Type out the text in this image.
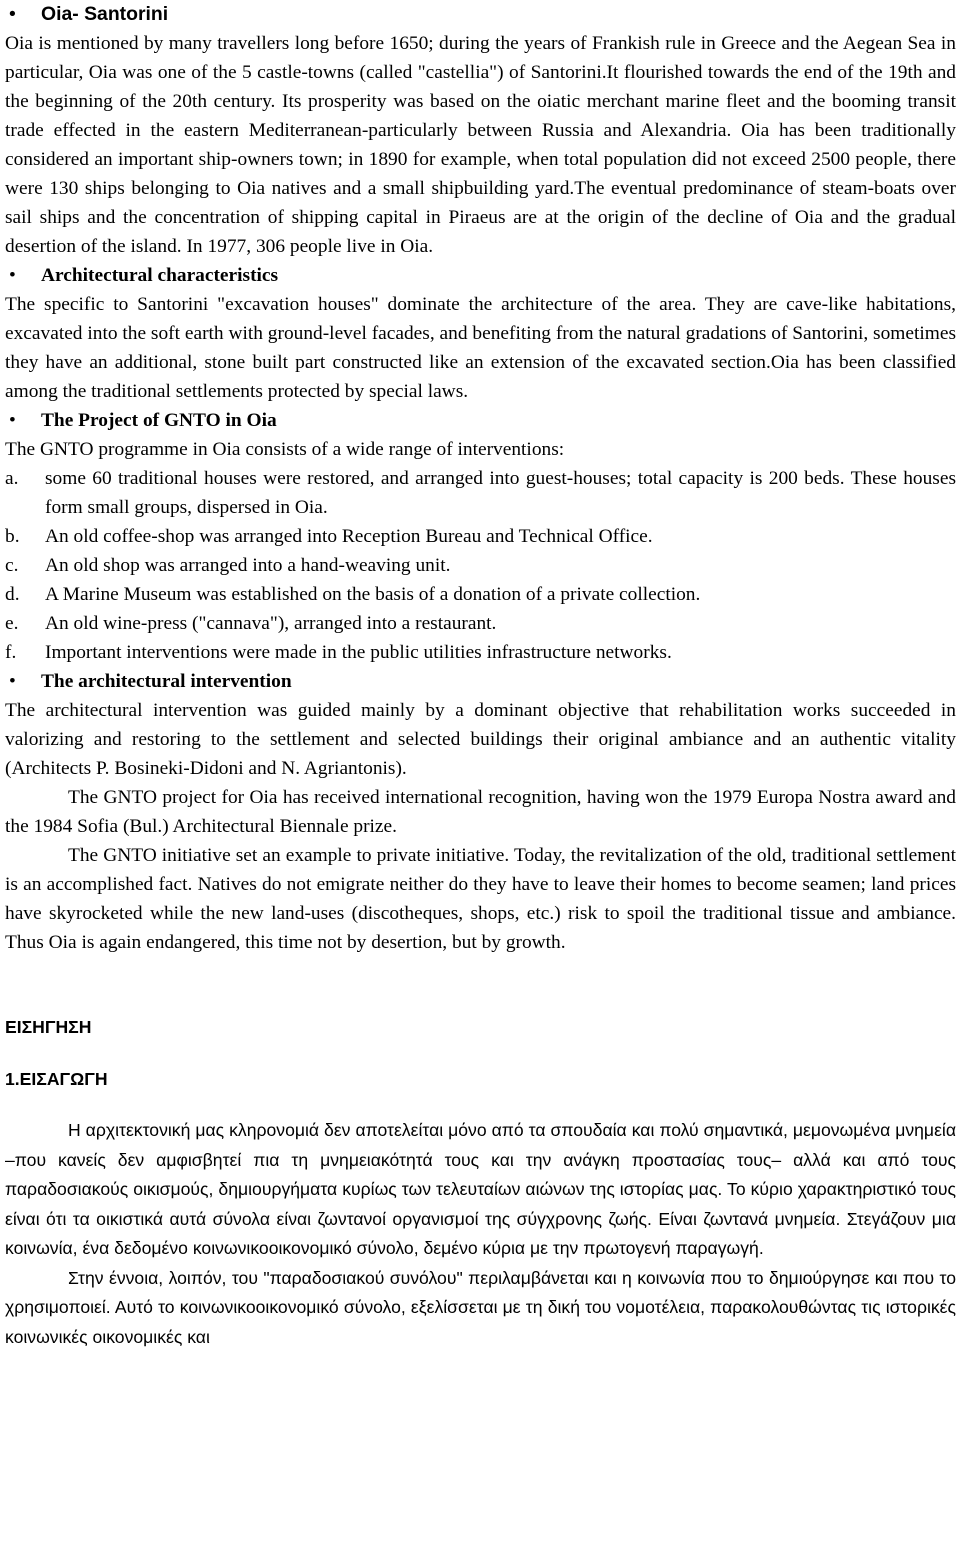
•	Oia- Santorini

Oia is mentioned by many travellers long before 1650; during the years of Frankish rule in Greece and the Aegean Sea in particular, Oia was one of the 5 castle-towns (called "castellia") of Santorini.It flourished towards the end of the 19th and the beginning of the 20th century. Its prosperity was based on the oiatic merchant marine fleet and the booming transit trade effected in the eastern Mediterranean-particularly between Russia and Alexandria. Oia has been traditionally considered an important ship-owners town; in 1890 for example, when total population did not exceed 2500 people, there were 130 ships belonging to Oia natives and a small shipbuilding yard.The eventual predominance of steam-boats over sail ships and the concentration of shipping capital in Piraeus are at the origin of the decline of Oia and the gradual desertion of the island. In 1977, 306 people live in Oia.

•	Architectural characteristics

The specific to Santorini "excavation houses" dominate the architecture of the area. They are cave-like habitations, excavated into the soft earth with ground-level facades, and benefiting from the natural gradations of Santorini, sometimes they have an additional, stone built part constructed like an extension of the excavated section.Oia has been classified among the traditional settlements protected by special laws.

•	The Project of GNTO in Oia

The GNTO programme in Oia consists of a wide range of interventions:

a.	some 60 traditional houses were restored, and arranged into guest-houses; total capacity is 200 beds. These houses form small groups, dispersed in Oia.
b.	An old coffee-shop was arranged into Reception Bureau and Technical Office.
c.	An old shop was arranged into a hand-weaving unit.
d.	A Marine Museum was established on the basis of a donation of a private collection.
e.	An old wine-press ("cannava"), arranged into a restaurant.
f.	Important interventions were made in the public utilities infrastructure networks.
•	The architectural intervention

The architectural intervention was guided mainly by a dominant objective that rehabilitation works succeeded in valorizing and restoring to the settlement and selected buildings their original ambiance and an authentic vitality (Architects P. Bosineki-Didoni and N. Agriantonis).

The GNTO project for Oia has received international recognition, having won the 1979 Europa Nostra award and the 1984 Sofia (Bul.) Architectural Biennale prize.

The GNTO initiative set an example to private initiative. Today, the revitalization of the old, traditional settlement is an accomplished fact. Natives do not emigrate neither do they have to leave their homes to become seamen; land prices have skyrocketed while the new land-uses (discotheques, shops, etc.) risk to spoil the traditional tissue and ambiance. Thus Oia is again endangered, this time not by desertion, but by growth.

ΕΙΣΗΓΗΣΗ

1.ΕΙΣΑΓΩΓΗ

Η αρχιτεκτονική μας κληρονομιά δεν αποτελείται μόνο από τα σπουδαία και πολύ σημαντικά, μεμονωμένα μνημεία –που κανείς δεν αμφισβητεί πια τη μνημειακότητά τους και την ανάγκη προστασίας τους– αλλά και από τους παραδοσιακούς οικισμούς, δημιουργήματα κυρίως των τελευταίων αιώνων της ιστορίας μας. Το κύριο χαρακτηριστικό τους είναι ότι τα οικιστικά αυτά σύνολα είναι ζωντανοί οργανισμοί της σύγχρονης ζωής. Είναι ζωντανά μνημεία. Στεγάζουν μια κοινωνία, ένα δεδομένο κοινωνικοοικονομικό σύνολο, δεμένο κύρια με την πρωτογενή παραγωγή.

Στην έννοια, λοιπόν, του "παραδοσιακού συνόλου" περιλαμβάνεται και η κοινωνία που το δημιούργησε και που το χρησιμοποιεί. Αυτό το κοινωνικοοικονομικό σύνολο, εξελίσσεται με τη δική του νομοτέλεια, παρακολουθώντας τις ιστορικές κοινωνικές οικονομικές και
